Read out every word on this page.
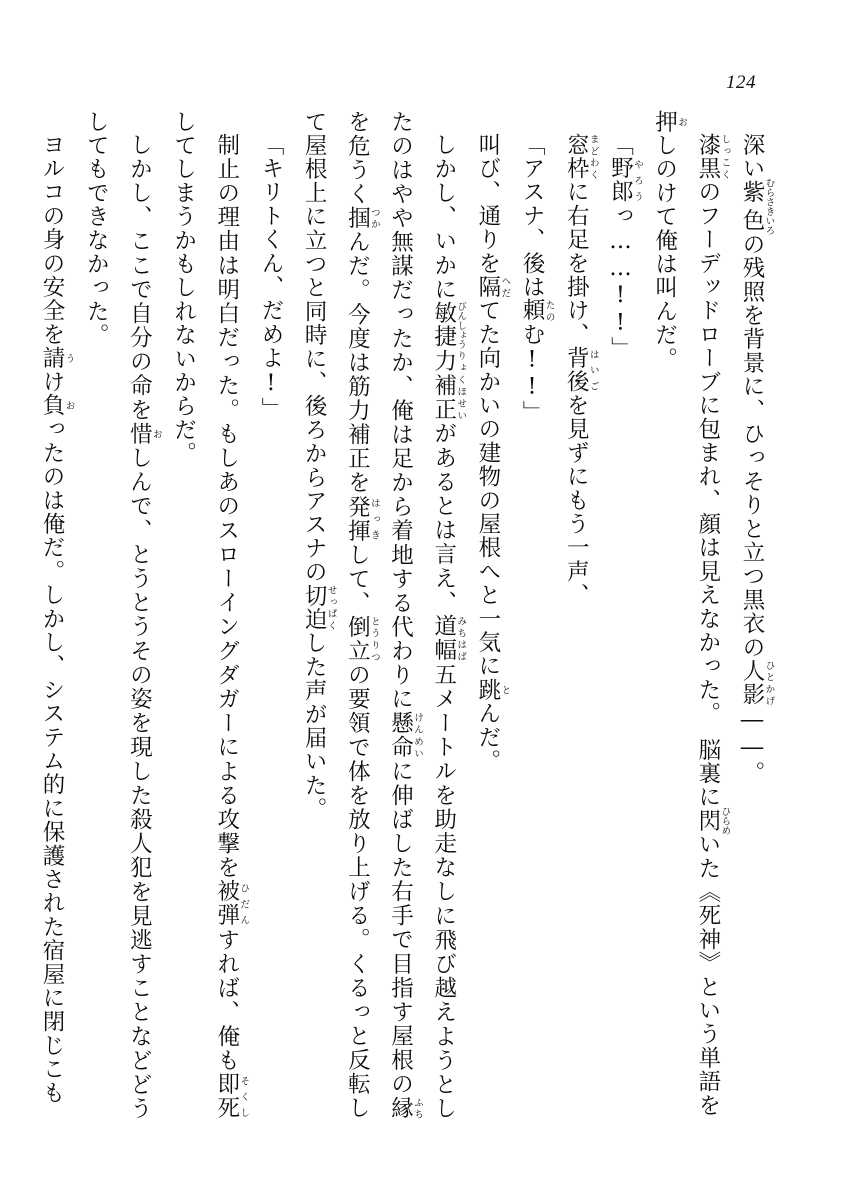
124

深い紫色むらさきいろの残照を背景に、ひっそりと立つ黒衣の人影ひとかげ――。

漆黒しっこくのフーデッドローブに包まれ、顔は見えなかった。　脳裏に閃ひらめいた《死神》という単語を押おしのけて俺は叫んだ。

「野郎やろうっ……!!」

窓枠まどわくに右足を掛け、背後はいごを見ずにもう一声、

「アスナ、後は頼たのむ!!」

叫び、通りを隔へだてた向かいの建物の屋根へと一気に跳とんだ。

しかし、いかに敏捷びんしょう力補正りょくほせいがあるとは言え、道幅みちはば五メートルを助走なしに飛び越えようとしたのはやや無謀だったか、俺は足から着地する代わりに懸命けんめいに伸ばした右手で目指す屋根の縁ふちを危うく掴つかんだ。今度は筋力補正を発揮はっきして、倒立とうりつの要領で体を放り上げる。くるっと反転して屋根上に立つと同時に、後ろからアスナの切迫せっぱくした声が届いた。

「キリトくん、だめよ!」

制止の理由は明白だった。もしあのスローイングダガーによる攻撃を被弾ひだんすれば、俺も即死そくししてしまうかもしれないからだ。

しかし、ここで自分の命を惜おしんで、とうとうその姿を現した殺人犯を見逃すことなどどうしてもできなかった。

ヨルコの身の安全を請うけ負おったのは俺だ。しかし、システム的に保護された宿屋に閉じこも
